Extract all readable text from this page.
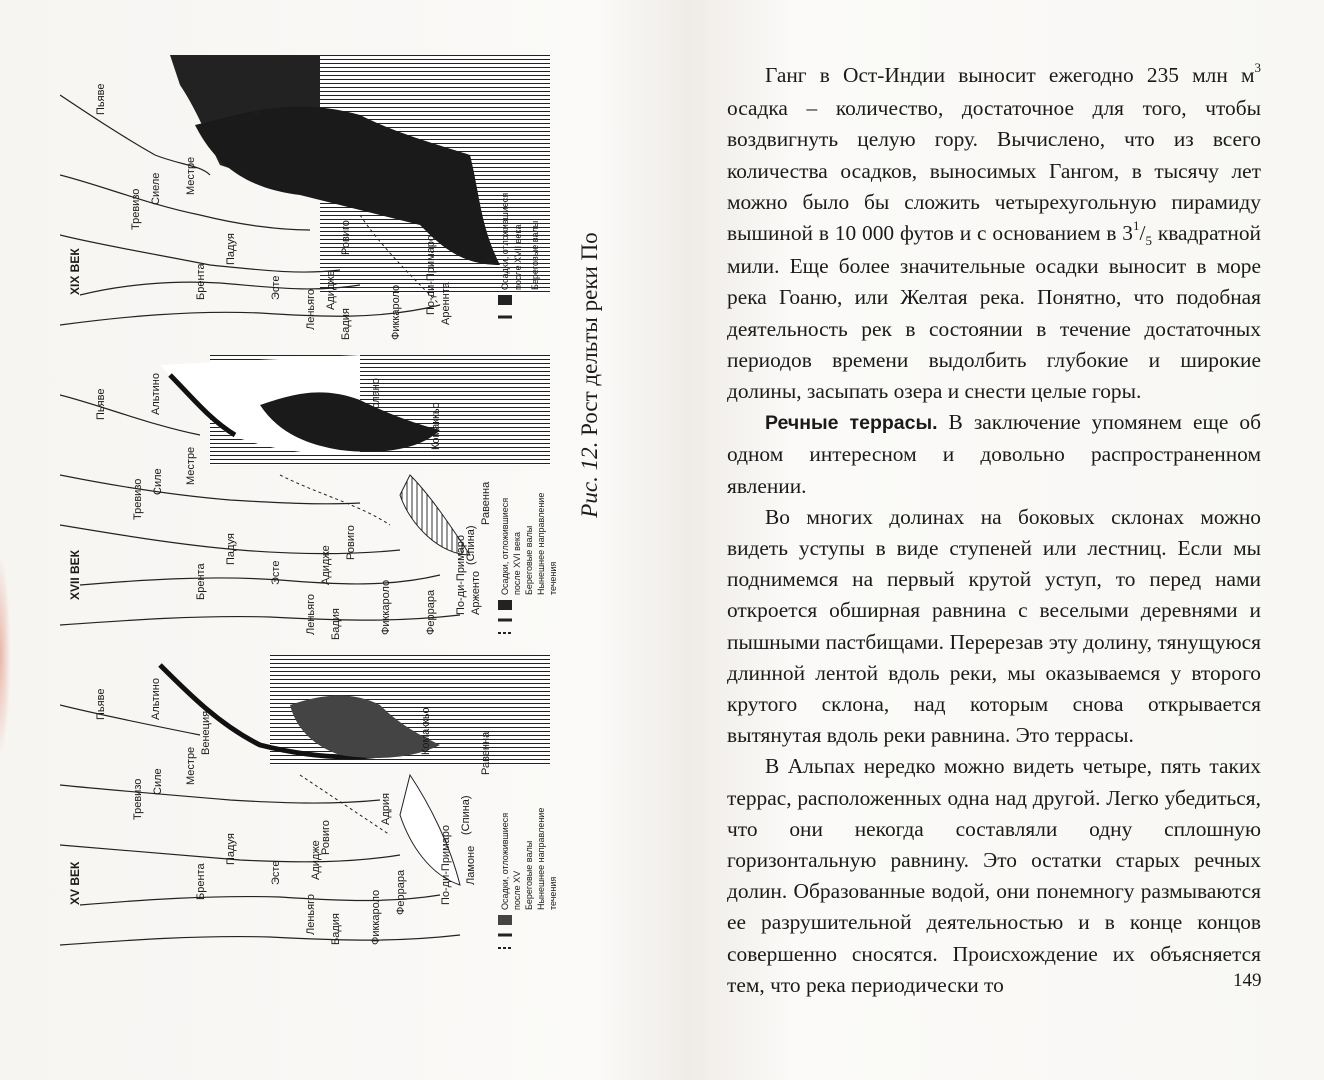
XIX ВЕК
XVII ВЕК
XV ВЕК
Пьяве
Тревизо Сиеле Местре
Брента
Падуя
Эсте
Леньяго Адидже
Бадия
Ровиго
Фиккароло По-ди-Примаро Ареннта
(Спина)	Осадки, отложившиеся после XVII века Береговые валы
Пьяве	Альтино
Тревизо Силе Местре
Брента
Падуя
Эсте
Леньяго Бадия
Адидже
Ровиго
Фиккароло	Феррара
По-ди-Волано	Комаккьо
По-ди-Примаро Арженто
(Спина)
Равенна Осадки, отложившиеся после XVI века Береговые валы Нынешнее направление течения
Пьяве	Альтино
Венеция
Тревизо Силе Местре
Брента
Падуя
Эсте
Леньяго
Адидже
Бадия
Ровиго
Фиккароло Феррара
Адрия
По-ди-Примаро Ламоне
(Спина)
Комаккьо	Равенна
Осадки, отложившиеся после XV Береговые валы Нынешнее направление течения
Рис. 12. Рост дельты реки По

Ганг в Ост-Индии выносит ежегодно 235 млн $м^3$ осадка – количество, достаточное для того, чтобы воздвигнуть целую гору. Вычислено, что из всего количества осадков, выносимых Гангом, в тысячу лет можно было бы сложить четырехугольную пирамиду вышиной в 10 000 футов и с основанием в $3^1/_5$ квадратной мили. Еще более значительные осадки выносит в море река Гоаню, или Желтая река. Понятно, что подобная деятельность рек в состоянии в течение достаточных периодов времени выдолбить глубокие и широкие долины, засыпать озера и снести целые горы.

Речные террасы. В заключение упомянем еще об одном интересном и довольно распространенном явлении.

Во многих долинах на боковых склонах можно видеть уступы в виде ступеней или лестниц. Если мы поднимемся на первый крутой уступ, то перед нами откроется обширная равнина с веселыми деревнями и пышными пастбищами. Перерезав эту долину, тянущуюся длинной лентой вдоль реки, мы оказываемся у второго крутого склона, над которым снова открывается вытянутая вдоль реки равнина. Это террасы.

В Альпах нередко можно видеть четыре, пять таких террас, расположенных одна над другой. Легко убедиться, что они некогда составляли одну сплошную горизонтальную равнину. Это остатки старых речных долин. Образованные водой, они понемногу размываются ее разрушительной деятельностью и в конце концов совершенно сносятся. Происхождение их объясняется тем, что река периодически то	149
